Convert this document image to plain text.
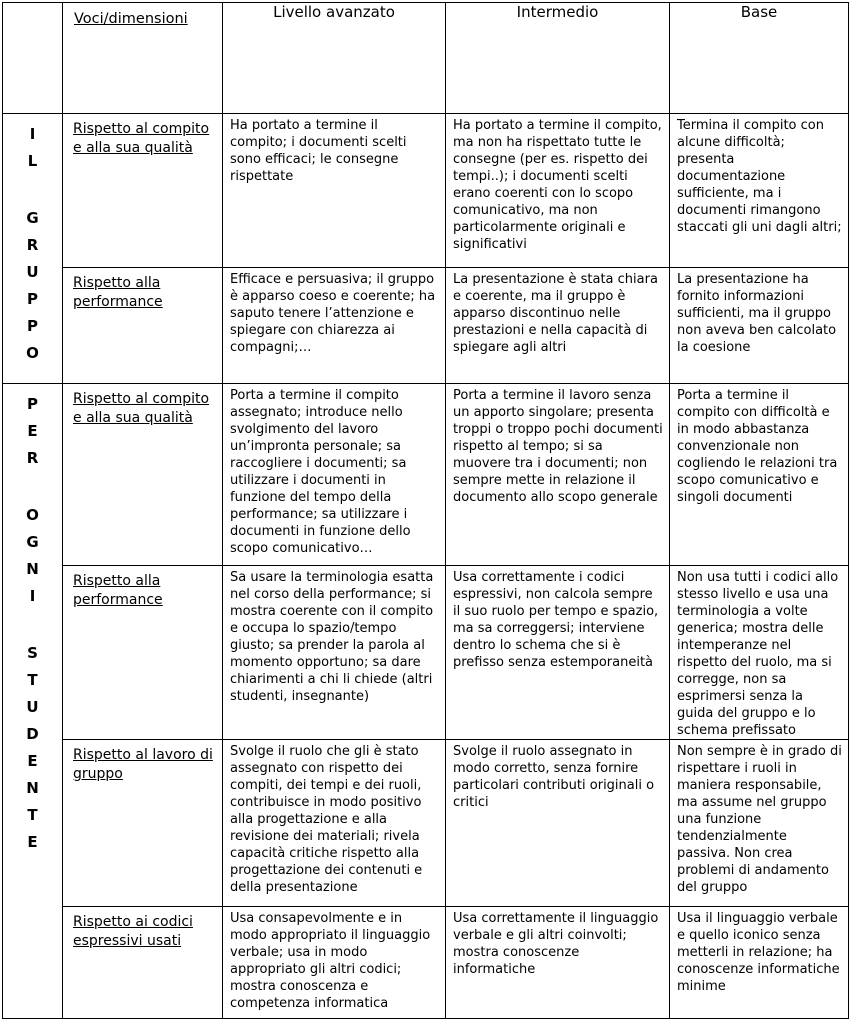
	Voci/dimensioni	Livello avanzato	Intermedio	Base

I
L
G
R
U
P
P
O
	Rispetto al compito e alla sua qualità	Ha portato a termine il compito; i documenti scelti sono efficaci; le consegne rispettate	Ha portato a termine il compito, ma non ha rispettato tutte le consegne (per es. rispetto dei tempi..); i documenti scelti erano coerenti con lo scopo comunicativo, ma non particolarmente originali e significativi	Termina il compito con alcune difficoltà; presenta documentazione sufficiente, ma i documenti rimangono staccati gli uni dagli altri;
	Rispetto alla performance	Efficace e persuasiva; il gruppo è apparso coeso e coerente; ha saputo tenere l’attenzione e spiegare con chiarezza ai compagni;…	La presentazione è stata chiara e coerente, ma il gruppo è apparso discontinuo nelle prestazioni e nella capacità di spiegare agli altri	La presentazione ha fornito informazioni sufficienti, ma il gruppo non aveva ben calcolato la coesione

P
E
R
O
G
N
I
S
T
U
D
E
N
T
E
	Rispetto al compito e alla sua qualità	Porta a termine il compito assegnato; introduce nello svolgimento del lavoro un’impronta personale; sa raccogliere i documenti; sa utilizzare i documenti in funzione del tempo della performance; sa utilizzare i documenti in funzione dello scopo comunicativo…	Porta a termine il lavoro senza un apporto singolare; presenta troppi o troppo pochi documenti rispetto al tempo; si sa muovere tra i documenti; non sempre mette in relazione il documento allo scopo generale	Porta a termine il compito con difficoltà e in modo abbastanza convenzionale non cogliendo le relazioni tra scopo comunicativo e singoli documenti
Rispetto alla performance	Sa usare la terminologia esatta nel corso della performance; si mostra coerente con il compito e occupa lo spazio/tempo giusto; sa prender la parola al momento opportuno; sa dare chiarimenti a chi li chiede (altri studenti, insegnante)	Usa correttamente i codici espressivi, non calcola sempre il suo ruolo per tempo e spazio, ma sa correggersi; interviene dentro lo schema che si è prefisso senza estemporaneità	Non usa tutti i codici allo stesso livello e usa una terminologia a volte generica; mostra delle intemperanze nel rispetto del ruolo, ma si corregge, non sa esprimersi senza la guida del gruppo e lo schema prefissato
	Rispetto al lavoro di gruppo	Svolge il ruolo che gli è stato assegnato con rispetto dei compiti, dei tempi e dei ruoli, contribuisce in modo positivo alla progettazione e alla revisione dei materiali; rivela capacità critiche rispetto alla progettazione dei contenuti e della presentazione	Svolge il ruolo assegnato in modo corretto, senza fornire particolari contributi originali o critici	Non sempre è in grado di rispettare i ruoli in maniera responsabile, ma assume nel gruppo una funzione tendenzialmente passiva. Non crea problemi di andamento del gruppo
	Rispetto ai codici espressivi usati	Usa consapevolmente e in modo appropriato il linguaggio verbale; usa in modo appropriato gli altri codici; mostra conoscenza e competenza informatica	Usa correttamente il linguaggio verbale e gli altri coinvolti; mostra conoscenze informatiche	Usa il linguaggio verbale e quello iconico senza metterli in relazione; ha conoscenze informatiche minime
